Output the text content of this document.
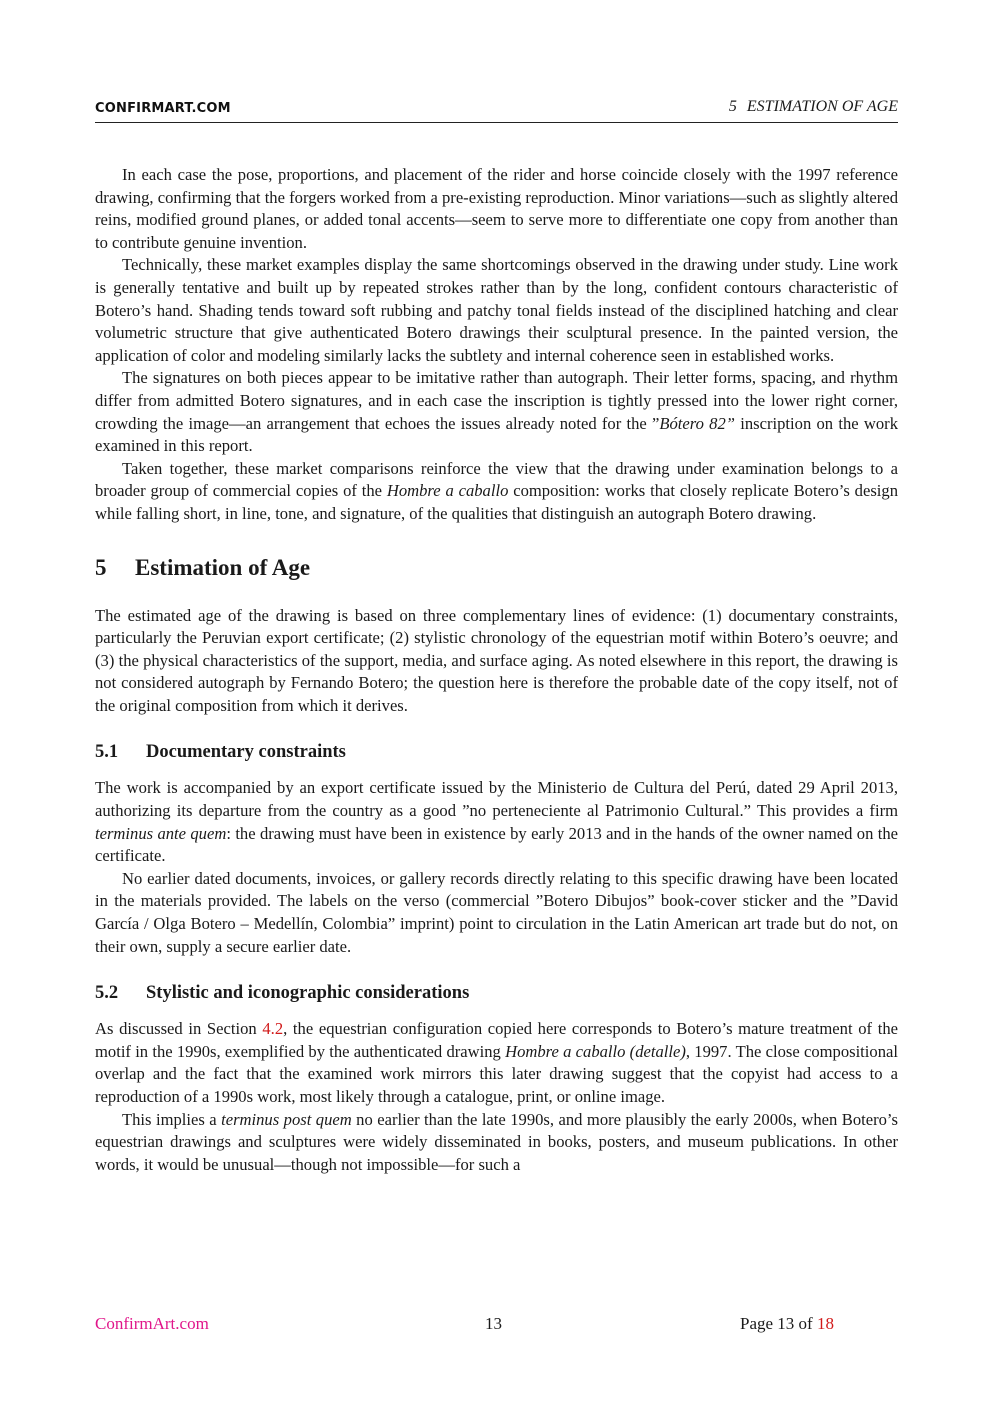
CONFIRMART.COM	5 ESTIMATION OF AGE

In each case the pose, proportions, and placement of the rider and horse coincide closely with the 1997 reference drawing, confirming that the forgers worked from a pre-existing reproduction. Minor variations—such as slightly altered reins, modified ground planes, or added tonal accents—seem to serve more to differentiate one copy from another than to contribute genuine invention.

Technically, these market examples display the same shortcomings observed in the drawing under study. Line work is generally tentative and built up by repeated strokes rather than by the long, confident contours characteristic of Botero’s hand. Shading tends toward soft rubbing and patchy tonal fields instead of the disciplined hatching and clear volumetric structure that give authenticated Botero drawings their sculptural presence. In the painted version, the application of color and modeling similarly lacks the subtlety and internal coherence seen in established works.

The signatures on both pieces appear to be imitative rather than autograph. Their letter forms, spacing, and rhythm differ from admitted Botero signatures, and in each case the inscription is tightly pressed into the lower right corner, crowding the image—an arrangement that echoes the issues already noted for the ”Bótero 82” inscription on the work examined in this report.

Taken together, these market comparisons reinforce the view that the drawing under examination belongs to a broader group of commercial copies of the Hombre a caballo composition: works that closely replicate Botero’s design while falling short, in line, tone, and signature, of the qualities that distinguish an autograph Botero drawing.

5 Estimation of Age

The estimated age of the drawing is based on three complementary lines of evidence: (1) documentary constraints, particularly the Peruvian export certificate; (2) stylistic chronology of the equestrian motif within Botero’s oeuvre; and (3) the physical characteristics of the support, media, and surface aging. As noted elsewhere in this report, the drawing is not considered autograph by Fernando Botero; the question here is therefore the probable date of the copy itself, not of the original composition from which it derives.

5.1 Documentary constraints

The work is accompanied by an export certificate issued by the Ministerio de Cultura del Perú, dated 29 April 2013, authorizing its departure from the country as a good ”no perteneciente al Patrimonio Cultural.” This provides a firm terminus ante quem: the drawing must have been in existence by early 2013 and in the hands of the owner named on the certificate.

No earlier dated documents, invoices, or gallery records directly relating to this specific drawing have been located in the materials provided. The labels on the verso (commercial ”Botero Dibujos” book-cover sticker and the ”David García / Olga Botero – Medellín, Colombia” imprint) point to circulation in the Latin American art trade but do not, on their own, supply a secure earlier date.

5.2 Stylistic and iconographic considerations

As discussed in Section 4.2, the equestrian configuration copied here corresponds to Botero’s mature treatment of the motif in the 1990s, exemplified by the authenticated drawing Hombre a caballo (detalle), 1997. The close compositional overlap and the fact that the examined work mirrors this later drawing suggest that the copyist had access to a reproduction of a 1990s work, most likely through a catalogue, print, or online image.

This implies a terminus post quem no earlier than the late 1990s, and more plausibly the early 2000s, when Botero’s equestrian drawings and sculptures were widely disseminated in books, posters, and museum publications. In other words, it would be unusual—though not impossible—for such a

ConfirmArt.com	13	Page 13 of 18
